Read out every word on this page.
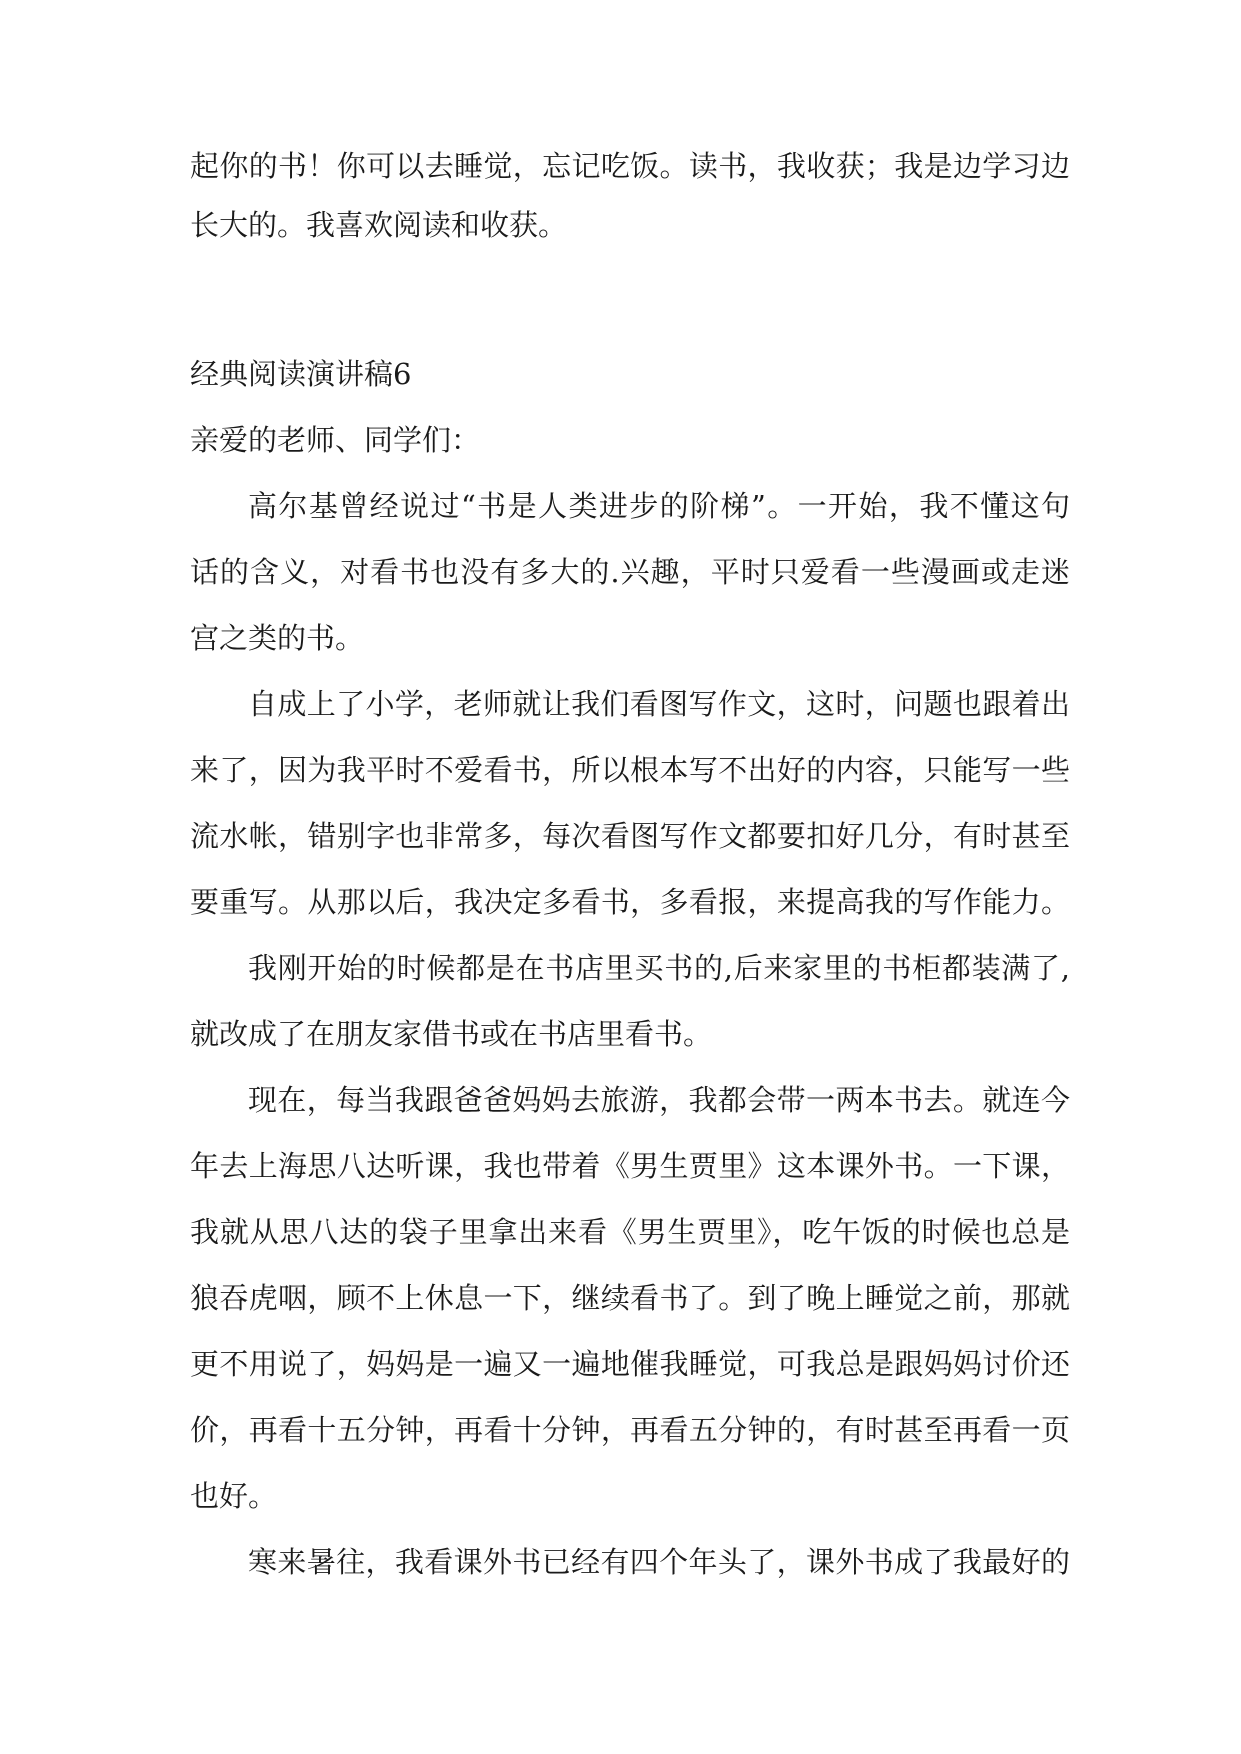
起你的书！你可以去睡觉，忘记吃饭。读书，我收获；我是边学习边
长大的。我喜欢阅读和收获。
经典阅读演讲稿6
亲爱的老师、同学们：
高尔基曾经说过“书是人类进步的阶梯”。一开始，我不懂这句
话的含义，对看书也没有多大的.兴趣，平时只爱看一些漫画或走迷
宫之类的书。
自成上了小学，老师就让我们看图写作文，这时，问题也跟着出
来了，因为我平时不爱看书，所以根本写不出好的内容，只能写一些
流水帐，错别字也非常多，每次看图写作文都要扣好几分，有时甚至
要重写。从那以后，我决定多看书，多看报，来提高我的写作能力。
我刚开始的时候都是在书店里买书的,后来家里的书柜都装满了,
就改成了在朋友家借书或在书店里看书。
现在，每当我跟爸爸妈妈去旅游，我都会带一两本书去。就连今
年去上海思八达听课，我也带着《男生贾里》这本课外书。一下课，
我就从思八达的袋子里拿出来看《男生贾里》，吃午饭的时候也总是
狼吞虎咽，顾不上休息一下，继续看书了。到了晚上睡觉之前，那就
更不用说了，妈妈是一遍又一遍地催我睡觉，可我总是跟妈妈讨价还
价，再看十五分钟，再看十分钟，再看五分钟的，有时甚至再看一页
也好。
寒来暑往，我看课外书已经有四个年头了，课外书成了我最好的
